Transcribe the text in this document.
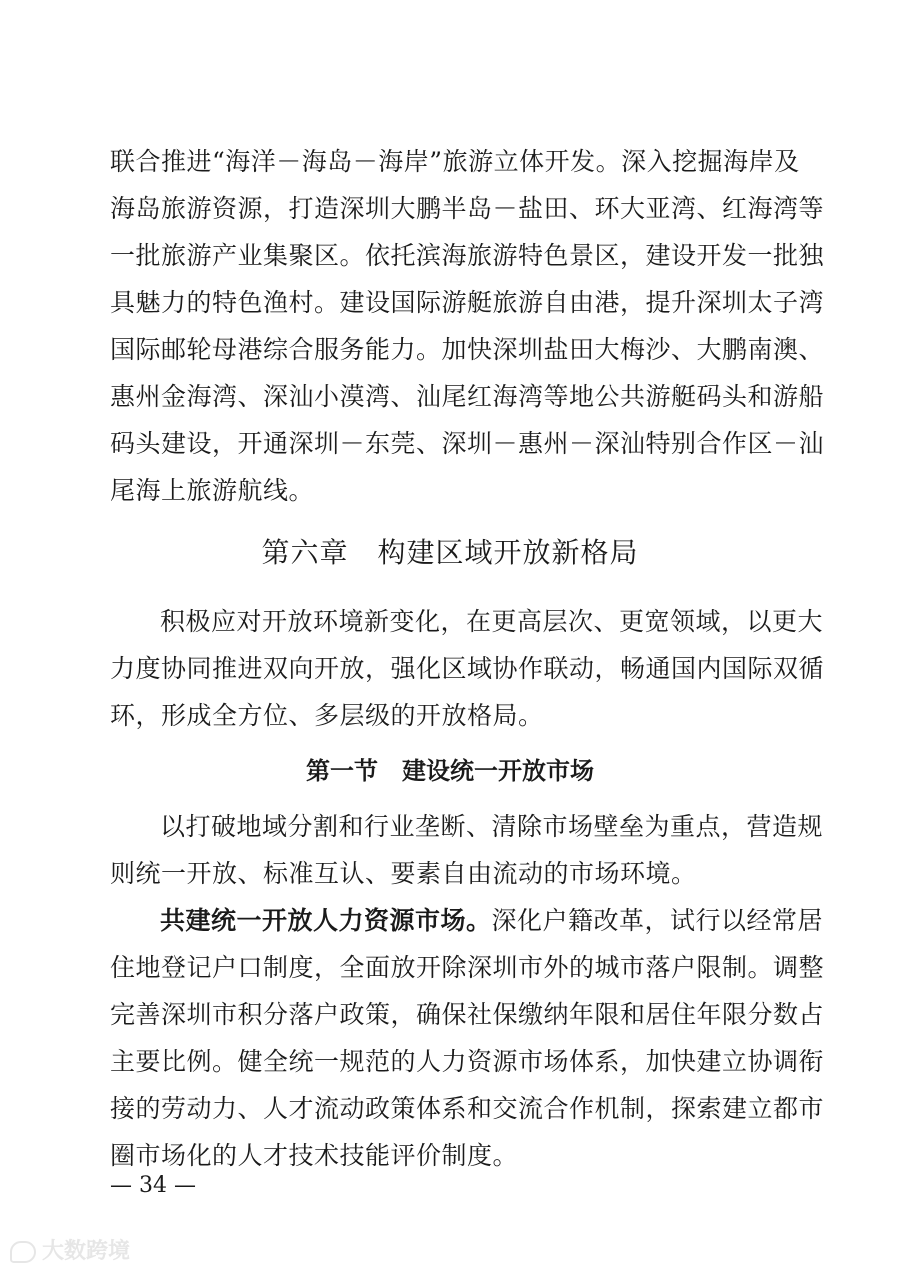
联合推进“海洋－海岛－海岸”旅游立体开发。深入挖掘海岸及
海岛旅游资源，打造深圳大鹏半岛－盐田、环大亚湾、红海湾等
一批旅游产业集聚区。依托滨海旅游特色景区，建设开发一批独
具魅力的特色渔村。建设国际游艇旅游自由港，提升深圳太子湾
国际邮轮母港综合服务能力。加快深圳盐田大梅沙、大鹏南澳、
惠州金海湾、深汕小漠湾、汕尾红海湾等地公共游艇码头和游船
码头建设，开通深圳－东莞、深圳－惠州－深汕特别合作区－汕
尾海上旅游航线。
第六章　构建区域开放新格局
积极应对开放环境新变化，在更高层次、更宽领域，以更大
力度协同推进双向开放，强化区域协作联动，畅通国内国际双循
环，形成全方位、多层级的开放格局。
第一节　建设统一开放市场
以打破地域分割和行业垄断、清除市场壁垒为重点，营造规
则统一开放、标准互认、要素自由流动的市场环境。
共建统一开放人力资源市场。深化户籍改革，试行以经常居
住地登记户口制度，全面放开除深圳市外的城市落户限制。调整
完善深圳市积分落户政策，确保社保缴纳年限和居住年限分数占
主要比例。健全统一规范的人力资源市场体系，加快建立协调衔
接的劳动力、人才流动政策体系和交流合作机制，探索建立都市
圈市场化的人才技术技能评价制度。
— 34 —
大数跨境
